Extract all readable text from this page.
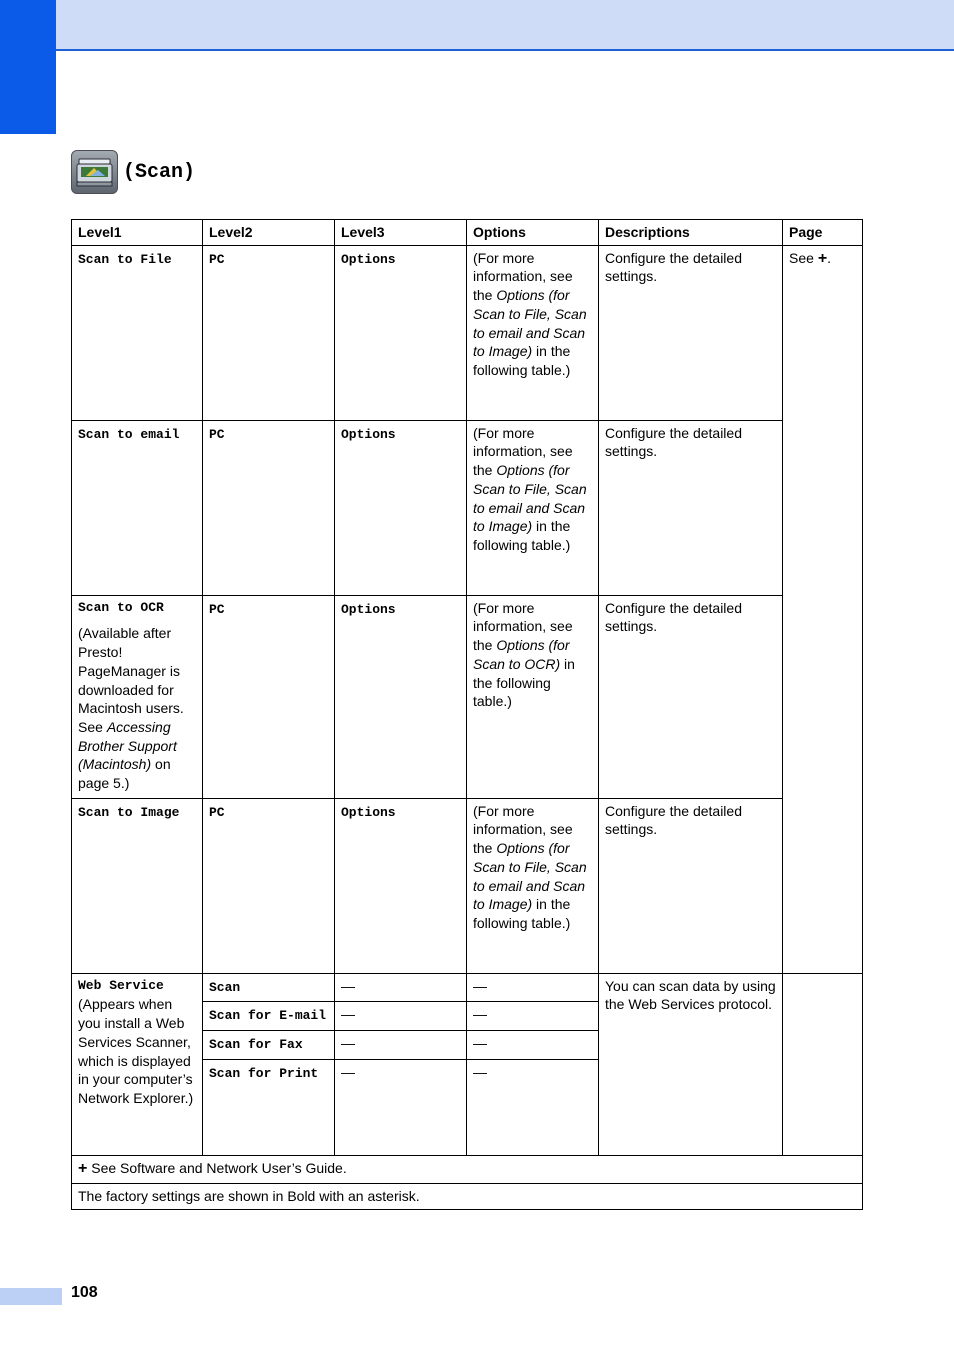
(Scan)
Level1	Level2	Level3	Options	Descriptions	Page
Scan to File	PC	Options	(For more information, see the Options (for Scan to File, Scan to email and Scan to Image) in the following table.)	Configure the detailed settings.	See +.
Scan to email	PC	Options	(For more information, see the Options (for Scan to File, Scan to email and Scan to Image) in the following table.)	Configure the detailed settings.	

Scan to OCR
(Available after Presto! PageManager is downloaded for Macintosh users. See Accessing Brother Support (Macintosh) on page 5.)	PC	Options	(For more information, see the Options (for Scan to OCR) in the following table.)	Configure the detailed settings.	
Scan to Image	PC	Options	(For more information, see the Options (for Scan to File, Scan to email and Scan to Image) in the following table.)	Configure the detailed settings.	

Web Service
(Appears when you install a Web Services Scanner, which is displayed in your computer’s Network Explorer.)	Scan	—	—	You can scan data by using the Web Services protocol.	
	Scan for E-mail	—	—		
	Scan for Fax	—	—		
	Scan for Print	—	—		
+ See Software and Network User’s Guide.					
The factory settings are shown in Bold with an asterisk.					
108
